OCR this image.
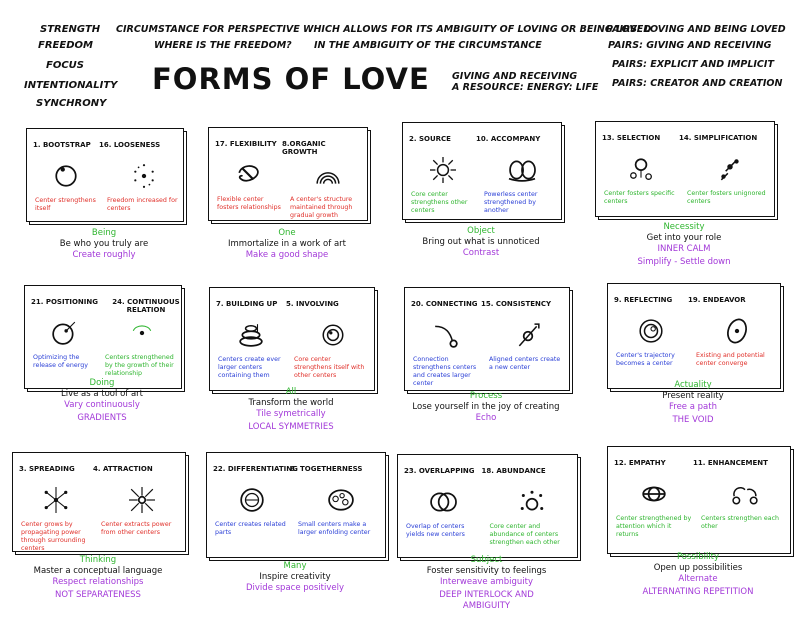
STRENGTH
FREEDOM
FOCUS
INTENTIONALITY
SYNCHRONY
CIRCUMSTANCE FOR PERSPECTIVE WHICH ALLOWS FOR ITS AMBIGUITY OF LOVING OR BEING LOVED
WHERE IS THE FREEDOM? IN THE AMBIGUITY OF THE CIRCUMSTANCE
FORMS OF LOVE GIVING AND RECEIVING
A RESOURCE: ENERGY: LIFE
PAIRS: LOVING AND BEING LOVED
PAIRS: GIVING AND RECEIVING
PAIRS: EXPLICIT AND IMPLICIT
PAIRS: CREATOR AND CREATION
1. BOOTSTRAP 16. LOOSENESS
Center strengthens itself
Freedom increased for centers
Being
Be who you truly are
Create roughly
17. FLEXIBILITY 8.ORGANIC GROWTH
Flexible center fosters relationships
A center's structure maintained through gradual growth
One
Immortalize in a work of art
Make a good shape
2. SOURCE	10. ACCOMPANY
Core center strengthens other centers
Powerless center strengthened by another
Object
Bring out what is unnoticed
Contrast
13. SELECTION	14. SIMPLIFICATION
Center fosters specific centers
Center fosters unignored centers
Necessity
Get into your role
INNER CALM
Simplify - Settle down
21. POSITIONING	24. CONTINUOUS RELATION
Optimizing the release of energy
Centers strengthened by the growth of their relationship
Doing
Live as a tool of art
Vary continuously
GRADIENTS
7. BUILDING UP 5. INVOLVING
Centers create ever larger centers containing them
Core center strengthens itself with other centers
All
Transform the world
Tile symetrically
LOCAL SYMMETRIES
20. CONNECTING 15. CONSISTENCY
Connection strengthens centers and creates larger center
Aligned centers create a new center
Process
Lose yourself in the joy of creating
Echo
9. REFLECTING 19. ENDEAVOR
Center's trajectory becomes a center
Existing and potential center converge
Actuality
Present reality
Free a path
THE VOID
3. SPREADING	4. ATTRACTION
Center grows by propagating power through surrounding centers
Center extracts power from other centers
Thinking
Master a conceptual language
Respect relationships
NOT SEPARATENESS
22. DIFFERENTIATING
6. TOGETHERNESS
Center creates related parts
Small centers make a larger enfolding center
Many
Inspire creativity
Divide space positively
23. OVERLAPPING 18. ABUNDANCE
Overlap of centers yields new centers
Core center and abundance of centers strengthen each other
Subject
Foster sensitivity to feelings
Interweave ambiguity
DEEP INTERLOCK AND AMBIGUITY
12. EMPATHY	11. ENHANCEMENT
Center strengthened by attention which it returns
Centers strengthen each other
Possibility
Open up possibilities
Alternate
ALTERNATING REPETITION
